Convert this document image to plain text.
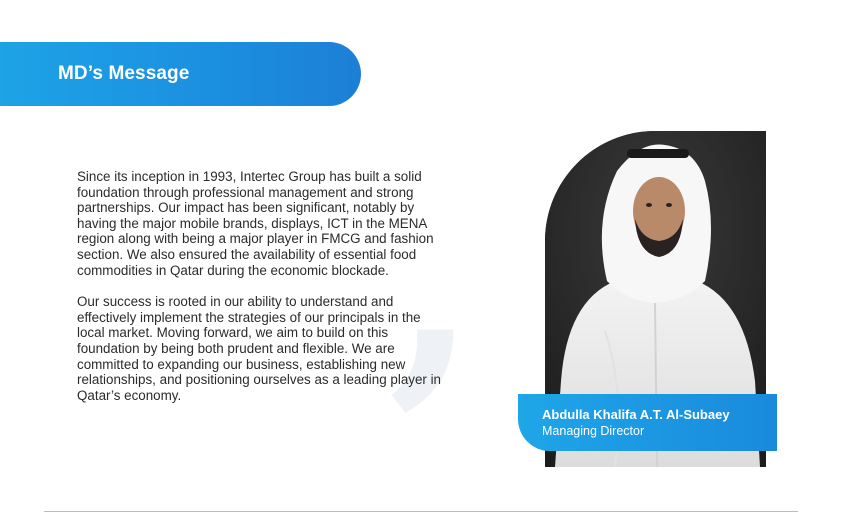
MD’s Message
,

Since its inception in 1993, Intertec Group has built a solid foundation through professional management and strong partnerships. Our impact has been significant, notably by having the major mobile brands, displays, ICT in the MENA region along with being a major player in FMCG and fashion section. We also ensured the availability of essential food commodities in Qatar during the economic blockade.

Our success is rooted in our ability to understand and effectively implement the strategies of our principals in the local market. Moving forward, we aim to build on this foundation by being both prudent and flexible. We are committed to expanding our business, establishing new relationships, and positioning ourselves as a leading player in Qatar’s economy.

Abdulla Khalifa A.T. Al-Subaey
Managing Director
